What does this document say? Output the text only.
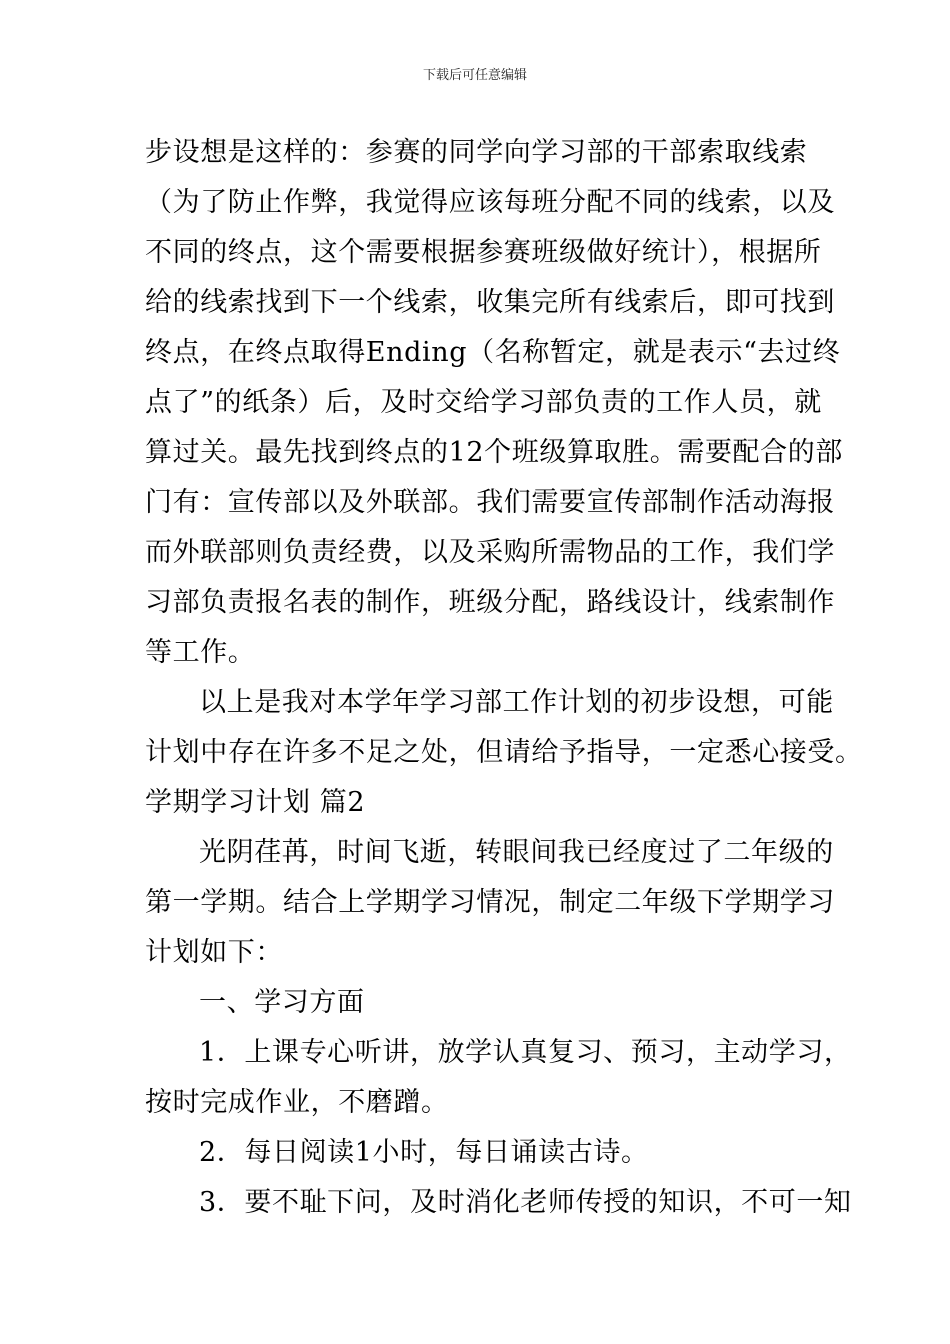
下载后可任意编辑
步设想是这样的：参赛的同学向学习部的干部索取线索
（为了防止作弊，我觉得应该每班分配不同的线索，以及
不同的终点，这个需要根据参赛班级做好统计），根据所
给的线索找到下一个线索，收集完所有线索后，即可找到
终点，在终点取得Ending（名称暂定，就是表示“去过终
点了”的纸条）后，及时交给学习部负责的工作人员，就
算过关。最先找到终点的12个班级算取胜。需要配合的部
门有：宣传部以及外联部。我们需要宣传部制作活动海报
而外联部则负责经费，以及采购所需物品的工作，我们学
习部负责报名表的制作，班级分配，路线设计，线索制作
等工作。
以上是我对本学年学习部工作计划的初步设想，可能
计划中存在许多不足之处，但请给予指导，一定悉心接受。
学期学习计划 篇2
光阴荏苒，时间飞逝，转眼间我已经度过了二年级的
第一学期。结合上学期学习情况，制定二年级下学期学习
计划如下：
一、学习方面
1．上课专心听讲，放学认真复习、预习，主动学习，
按时完成作业，不磨蹭。
2．每日阅读1小时，每日诵读古诗。
3．要不耻下问，及时消化老师传授的知识，不可一知
